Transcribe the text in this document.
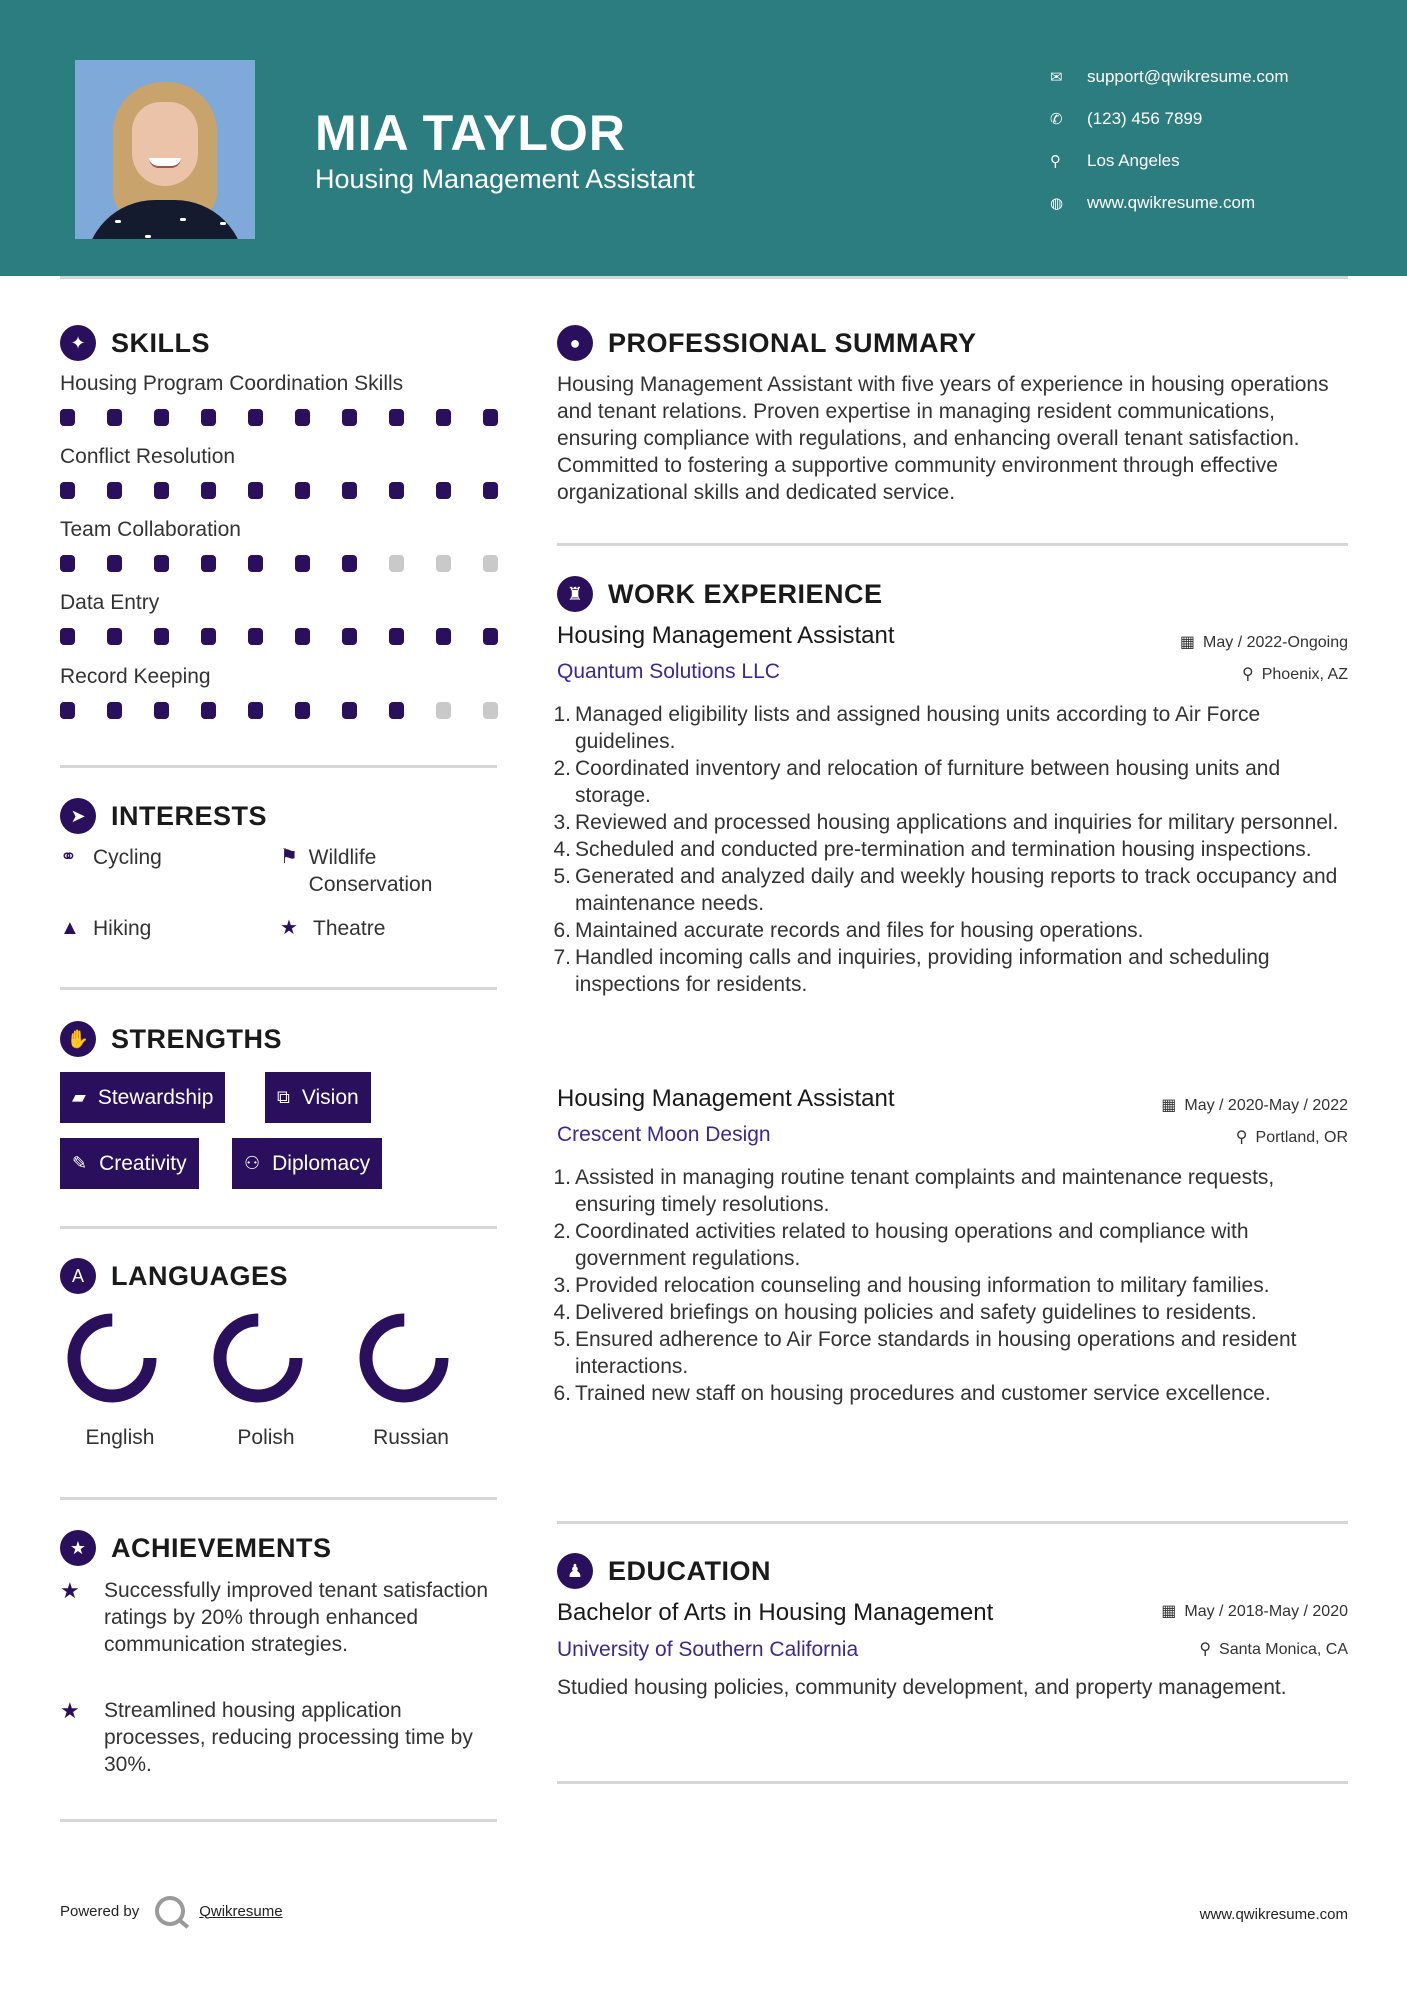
MIA TAYLOR
Housing Management Assistant
✉	support@qwikresume.com
✆	(123) 456 7899
⚲	Los Angeles
◍	www.qwikresume.com
✦ SKILLS
Housing Program Coordination Skills
Conflict Resolution
Team Collaboration
Data Entry
Record Keeping
➤ INTERESTS
⚭ Cycling	⚑ Wildlife Conservation
▲ Hiking	★ Theatre
✋ STRENGTHS
▰ Stewardship	⧉ Vision
✎ Creativity	⚇ Diplomacy
A	LANGUAGES
English	Polish	Russian
★ ACHIEVEMENTS
★	Successfully improved tenant satisfaction ratings by 20% through enhanced communication strategies.
★	Streamlined housing application processes, reducing processing time by 30%.
●	PROFESSIONAL SUMMARY
Housing Management Assistant with five years of experience in housing operations and tenant relations. Proven expertise in managing resident communications, ensuring compliance with regulations, and enhancing overall tenant satisfaction. Committed to fostering a supportive community environment through effective organizational skills and dedicated service.
♜ WORK EXPERIENCE
Housing Management Assistant	▦ May / 2022-Ongoing
Quantum Solutions LLC	⚲ Phoenix, AZ
1. Managed eligibility lists and assigned housing units according to Air Force guidelines.
2. Coordinated inventory and relocation of furniture between housing units and storage.
3. Reviewed and processed housing applications and inquiries for military personnel.
4. Scheduled and conducted pre-termination and termination housing inspections.
5. Generated and analyzed daily and weekly housing reports to track occupancy and maintenance needs.
6. Maintained accurate records and files for housing operations.
7. Handled incoming calls and inquiries, providing information and scheduling inspections for residents.
Housing Management Assistant	▦ May / 2020-May / 2022
Crescent Moon Design	⚲ Portland, OR
1. Assisted in managing routine tenant complaints and maintenance requests, ensuring timely resolutions.
2. Coordinated activities related to housing operations and compliance with government regulations.
3. Provided relocation counseling and housing information to military families.
4. Delivered briefings on housing policies and safety guidelines to residents.
5. Ensured adherence to Air Force standards in housing operations and resident interactions.
6. Trained new staff on housing procedures and customer service excellence.
♟ EDUCATION
Bachelor of Arts in Housing Management	▦ May / 2018-May / 2020
University of Southern California	⚲ Santa Monica, CA
Studied housing policies, community development, and property management.
Powered by	Qwikresume	www.qwikresume.com
